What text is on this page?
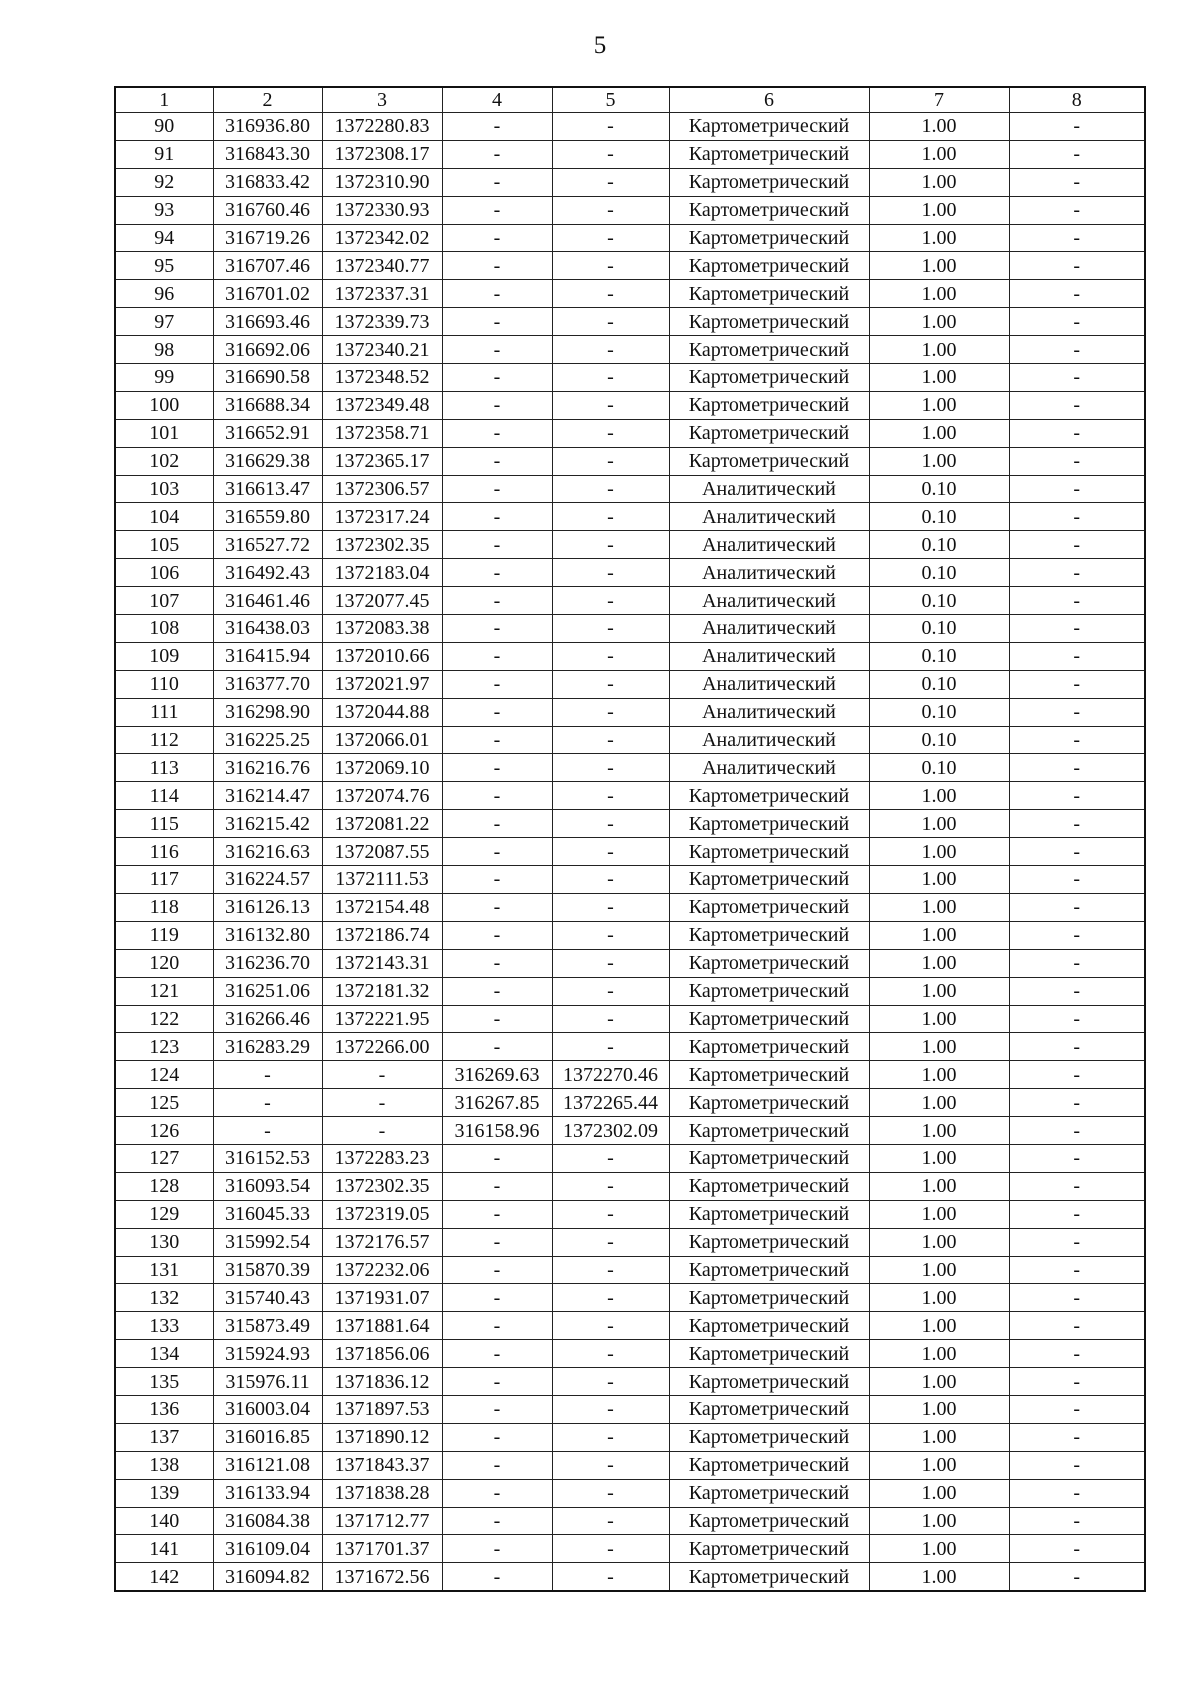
5
1	2	3	4	5	6	7	8
90	316936.80	1372280.83	-	-	Картометрический	1.00	-
91	316843.30	1372308.17	-	-	Картометрический	1.00	-
92	316833.42	1372310.90	-	-	Картометрический	1.00	-
93	316760.46	1372330.93	-	-	Картометрический	1.00	-
94	316719.26	1372342.02	-	-	Картометрический	1.00	-
95	316707.46	1372340.77	-	-	Картометрический	1.00	-
96	316701.02	1372337.31	-	-	Картометрический	1.00	-
97	316693.46	1372339.73	-	-	Картометрический	1.00	-
98	316692.06	1372340.21	-	-	Картометрический	1.00	-
99	316690.58	1372348.52	-	-	Картометрический	1.00	-
100	316688.34	1372349.48	-	-	Картометрический	1.00	-
101	316652.91	1372358.71	-	-	Картометрический	1.00	-
102	316629.38	1372365.17	-	-	Картометрический	1.00	-
103	316613.47	1372306.57	-	-	Аналитический	0.10	-
104	316559.80	1372317.24	-	-	Аналитический	0.10	-
105	316527.72	1372302.35	-	-	Аналитический	0.10	-
106	316492.43	1372183.04	-	-	Аналитический	0.10	-
107	316461.46	1372077.45	-	-	Аналитический	0.10	-
108	316438.03	1372083.38	-	-	Аналитический	0.10	-
109	316415.94	1372010.66	-	-	Аналитический	0.10	-
110	316377.70	1372021.97	-	-	Аналитический	0.10	-
111	316298.90	1372044.88	-	-	Аналитический	0.10	-
112	316225.25	1372066.01	-	-	Аналитический	0.10	-
113	316216.76	1372069.10	-	-	Аналитический	0.10	-
114	316214.47	1372074.76	-	-	Картометрический	1.00	-
115	316215.42	1372081.22	-	-	Картометрический	1.00	-
116	316216.63	1372087.55	-	-	Картометрический	1.00	-
117	316224.57	1372111.53	-	-	Картометрический	1.00	-
118	316126.13	1372154.48	-	-	Картометрический	1.00	-
119	316132.80	1372186.74	-	-	Картометрический	1.00	-
120	316236.70	1372143.31	-	-	Картометрический	1.00	-
121	316251.06	1372181.32	-	-	Картометрический	1.00	-
122	316266.46	1372221.95	-	-	Картометрический	1.00	-
123	316283.29	1372266.00	-	-	Картометрический	1.00	-
124	-	-	316269.63	1372270.46	Картометрический	1.00	-
125	-	-	316267.85	1372265.44	Картометрический	1.00	-
126	-	-	316158.96	1372302.09	Картометрический	1.00	-
127	316152.53	1372283.23	-	-	Картометрический	1.00	-
128	316093.54	1372302.35	-	-	Картометрический	1.00	-
129	316045.33	1372319.05	-	-	Картометрический	1.00	-
130	315992.54	1372176.57	-	-	Картометрический	1.00	-
131	315870.39	1372232.06	-	-	Картометрический	1.00	-
132	315740.43	1371931.07	-	-	Картометрический	1.00	-
133	315873.49	1371881.64	-	-	Картометрический	1.00	-
134	315924.93	1371856.06	-	-	Картометрический	1.00	-
135	315976.11	1371836.12	-	-	Картометрический	1.00	-
136	316003.04	1371897.53	-	-	Картометрический	1.00	-
137	316016.85	1371890.12	-	-	Картометрический	1.00	-
138	316121.08	1371843.37	-	-	Картометрический	1.00	-
139	316133.94	1371838.28	-	-	Картометрический	1.00	-
140	316084.38	1371712.77	-	-	Картометрический	1.00	-
141	316109.04	1371701.37	-	-	Картометрический	1.00	-
142	316094.82	1371672.56	-	-	Картометрический	1.00	-
